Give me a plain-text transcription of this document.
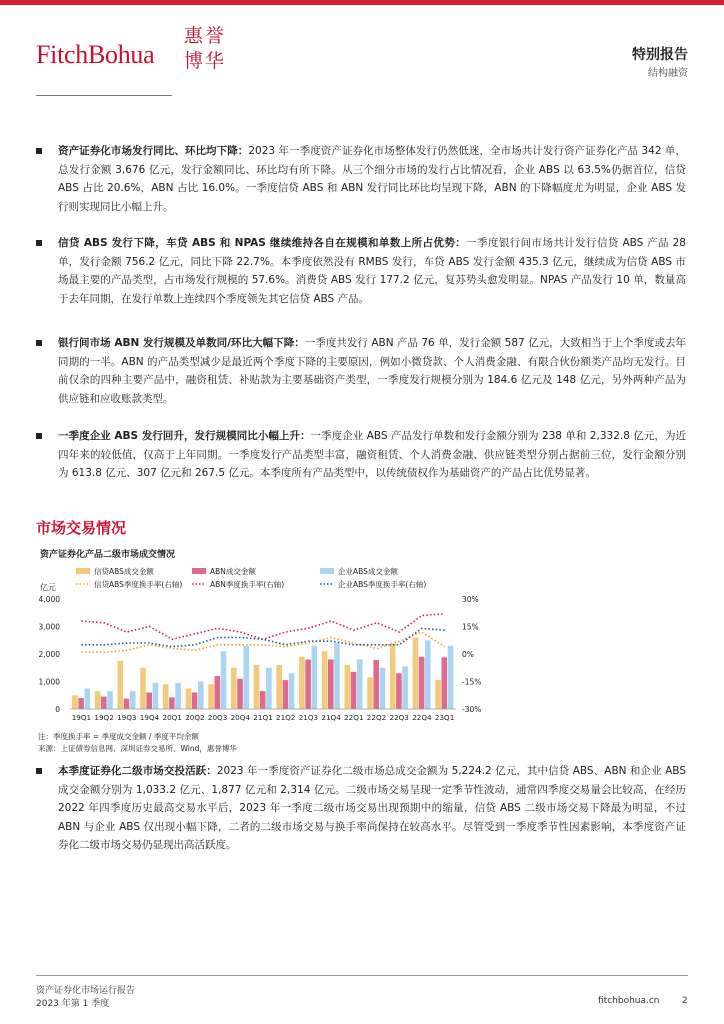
FitchBohua
惠誉博华	特别报告
结构融资
资产证券化市场发行同比、环比均下降：2023 年一季度资产证券化市场整体发行仍然低迷，全市场共计发行资产证券化产品 342 单，总发行金额 3,676 亿元，发行金额同比、环比均有所下降。从三个细分市场的发行占比情况看，企业 ABS 以 63.5%仍据首位，信贷 ABS 占比 20.6%，ABN 占比 16.0%。一季度信贷 ABS 和 ABN 发行同比环比均呈现下降，ABN 的下降幅度尤为明显，企业 ABS 发行则实现同比小幅上升。
信贷 ABS 发行下降，车贷 ABS 和 NPAS 继续维持各自在规模和单数上所占优势：一季度银行间市场共计发行信贷 ABS 产品 28 单，发行金额 756.2 亿元，同比下降 22.7%。本季度依然没有 RMBS 发行，车贷 ABS 发行金额 435.3 亿元，继续成为信贷 ABS 市场最主要的产品类型，占市场发行规模的 57.6%。消费贷 ABS 发行 177.2 亿元，复苏势头愈发明显。NPAS 产品发行 10 单，数量高于去年同期，在发行单数上连续四个季度领先其它信贷 ABS 产品。
银行间市场 ABN 发行规模及单数同/环比大幅下降：一季度共发行 ABN 产品 76 单，发行金额 587 亿元，大致相当于上个季度或去年同期的一半。ABN 的产品类型减少是最近两个季度下降的主要原因，例如小微贷款、个人消费金融、有限合伙份额类产品均无发行。目前仅余的四种主要产品中，融资租赁、补贴款为主要基础资产类型，一季度发行规模分别为 184.6 亿元及 148 亿元，另外两种产品为供应链和应收账款类型。
一季度企业 ABS 发行回升，发行规模同比小幅上升：一季度企业 ABS 产品发行单数和发行金额分别为 238 单和 2,332.8 亿元，为近四年来的较低值，仅高于上年同期。一季度发行产品类型丰富，融资租赁、个人消费金融、供应链类型分别占据前三位，发行金额分别为 613.8 亿元、307 亿元和 267.5 亿元。本季度所有产品类型中，以传统债权作为基础资产的产品占比优势显著。
市场交易情况
信贷ABS成交金额	ABN成交金额	企业ABS成交金额
信贷ABS季度换手率(右轴)	ABN季度换手率(右轴)	企业ABS季度换手率(右轴)
亿元
0
1,000
2,000
3,000
4,000
-30%
-15%
0%
15%
30%
19Q1 19Q2 19Q3 19Q4 20Q1 20Q2 20Q3 20Q4 21Q1 21Q2 21Q3 21Q4 22Q1 22Q2 22Q3 22Q4 23Q1
资产证券化产品二级市场成交情况
注：季度换手率 = 季度成交金额 / 季度平均余额
来源：上证债券信息网、深圳证券交易所、Wind，惠誉博华
本季度证券化二级市场交投活跃：2023 年一季度资产证券化二级市场总成交金额为 5,224.2 亿元，其中信贷 ABS、ABN 和企业 ABS 成交金额分别为 1,033.2 亿元、1,877 亿元和 2,314 亿元。二级市场交易呈现一定季节性波动，通常四季度交易量会比较高，在经历 2022 年四季度历史最高交易水平后，2023 年一季度二级市场交易出现预期中的缩量，信贷 ABS 二级市场交易下降最为明显，不过 ABN 与企业 ABS 仅出现小幅下降，二者的二级市场交易与换手率尚保持在较高水平。尽管受到一季度季节性因素影响，本季度资产证券化二级市场交易仍显现出高活跃度。
资产证券化市场运行报告
2023 年第 1 季度	fitchbohua.cn 2
